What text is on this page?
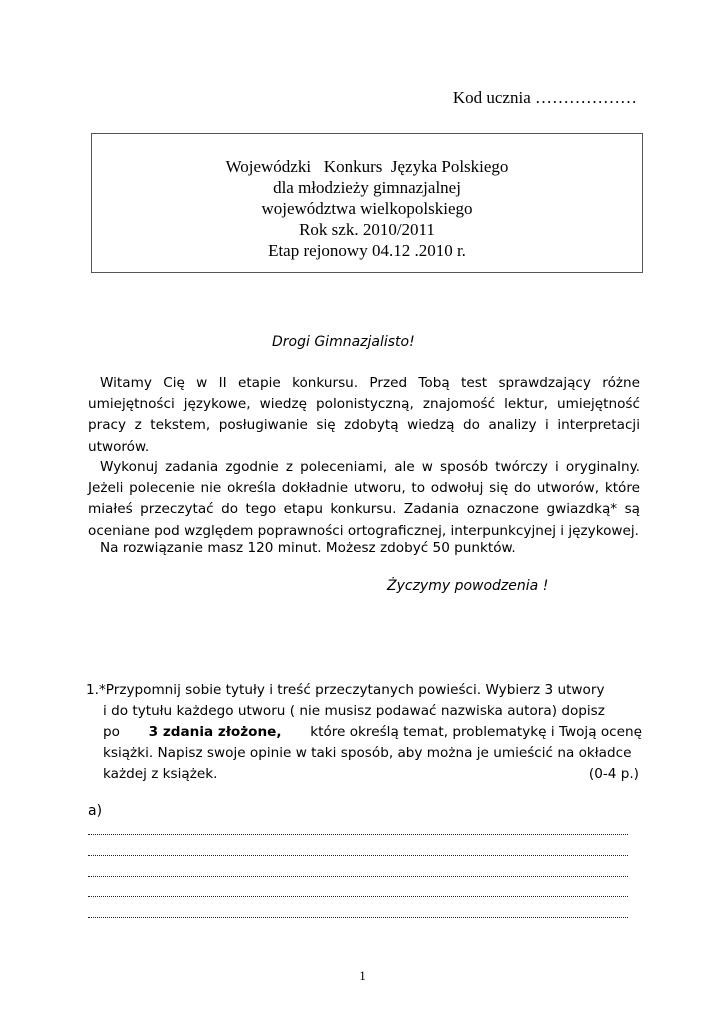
Kod ucznia ………………
Wojewódzki   Konkurs  Języka Polskiego
dla młodzieży gimnazjalnej
województwa wielkopolskiego
Rok szk. 2010/2011
Etap rejonowy 04.12 .2010 r.
Drogi Gimnazjalisto!
Witamy Cię w II etapie konkursu. Przed Tobą test sprawdzający różne umiejętności językowe, wiedzę polonistyczną, znajomość lektur, umiejętność pracy z tekstem, posługiwanie się zdobytą wiedzą do analizy i interpretacji utworów.
Wykonuj zadania zgodnie z poleceniami, ale w sposób twórczy i oryginalny. Jeżeli polecenie nie określa dokładnie utworu, to odwołuj się do utworów, które miałeś przeczytać do tego etapu konkursu. Zadania oznaczone gwiazdką* są oceniane pod względem poprawności ortograficznej, interpunkcyjnej i językowej.
Na rozwiązanie masz 120 minut. Możesz zdobyć 50 punktów.
Życzymy powodzenia !
1.*Przypomnij sobie tytuły i treść przeczytanych powieści. Wybierz 3 utwory
i do tytułu każdego utworu ( nie musisz podawać nazwiska autora) dopisz
po 3 zdania złożone, które określą temat, problematykę i Twoją ocenę
książki. Napisz swoje opinie w taki sposób, aby można je umieścić na okładce
każdej z książek.	(0-4 p.)
a)
1
